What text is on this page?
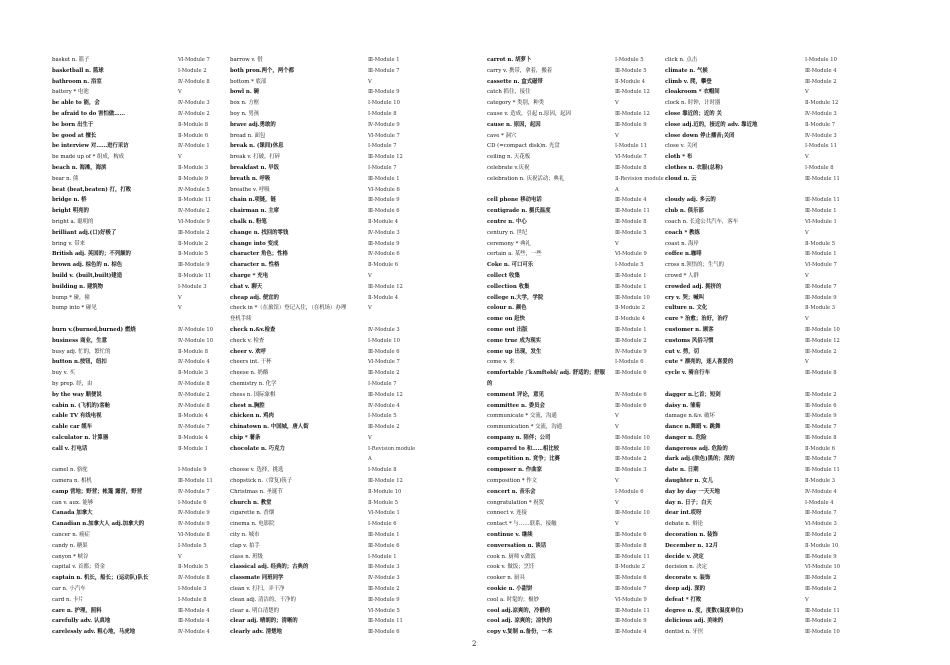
basket n. 篮子
basketball n. 篮球
bathroom n. 浴室
battery * 电池
be able to 能，会
be afraid to do 害怕做……
be born 出生于
be good at 擅长
be interview 对……进行采访
be made up of * 组成，构成
beach n. 海滩，海滨
bear n. 熊
beat (beat,beaten) 打，打败
bridge n. 桥
bright 明亮的
bright a. 聪明的
brilliant adj.(口)好极了
bring v. 带来
British adj. 英国的；不列颠的
brown adj. 棕色的 n. 棕色
build v. (built,built)建造
building n. 建筑物
bump * 碰，撞
bump into * 碰见
burn v.(burned,burned) 燃烧
business 商业，生意
busy adj. 忙的，繁忙的
button n.按钮，纽扣
buy v. 买
by prep. 经，由
by the way 顺便说
cabin n. (飞机的)客舱
cable TV 有线电视
cable car 缆车
calculator n. 计算器
call v. 打电话
camel n. 骆驼
camera n. 相机
camp 营地；野营；帐篷 露营，野营
can v. aux. 能够
Canada 加拿大
Canadian n.加拿大人 adj.加拿大的
cancer n. 癌症
candy n. 糖果
canyon * 峡谷
capital v. 首都；资金
captain n. 机长，船长；(运动队)队长
car n. 小汽车
card n. 卡片
care n. 护理，照料
carefully adv. 认真地
carelessly adv. 粗心地，马虎地
Ⅵ-Module 7
Ⅰ-Module 2
Ⅳ-Module 8
Ⅴ
Ⅳ-Module 3
Ⅳ-Module 2
Ⅱ-Module 8
Ⅱ-Module 6
Ⅳ-Module 1
Ⅴ
Ⅱ-Module 3
Ⅱ-Module 9
Ⅳ-Module 5
Ⅱ-Module 11
Ⅳ-Module 2
Ⅵ-Module 9
Ⅲ-Module 2
Ⅱ-Module 2
Ⅱ-Module 5
Ⅲ-Module 9
Ⅱ-Module 11
Ⅰ-Module 3
Ⅴ
Ⅴ
Ⅳ-Module 10
Ⅳ-Module 10
Ⅱ-Module 8
Ⅳ-Module 4
Ⅱ-Module 3
Ⅳ-Module 8
Ⅳ-Module 2
Ⅳ-Module 8
Ⅱ-Module 4
Ⅳ-Module 7
Ⅱ-Module 4
Ⅱ-Module 1
Ⅰ-Module 9
Ⅲ-Module 11
Ⅳ-Module 7
Ⅰ-Module 6
Ⅳ-Module 9
Ⅳ-Module 9
Ⅵ-Module 8
Ⅰ-Module 5
Ⅴ
Ⅱ-Module 5
Ⅳ-Module 8
Ⅰ-Module 3
Ⅰ-Module 8
Ⅲ-Module 4
Ⅲ-Module 4
Ⅳ-Module 4
barrow v. 借
both pron.两个，两个都
bottom * 底部
bowl n. 碗
box n. 方框
boy n. 男孩
brave adj.勇敢的
bread n. 面包
break n. (课间)休息
break v. 打破，打碎
breakfast n. 早饭
breath n. 呼吸
breathe v. 呼吸
chain n.项链，链
chairman n. 主席
chalk n. 粉笔
change n. 找回的零钱
change into 变成
character 角色；性格
character n. 性格
charge * 充电
chat v. 聊天
cheap adj. 便宜的
check in *（在旅馆）登记入住，（在机场）办理登机手续
check n.&v.检查
check v. 检查
cheer v. 欢呼
cheers int. 干杯
cheese n. 奶酪
chemistry n. 化学
chess n. 国际象棋
chest n.胸腔
chicken n. 鸡肉
chinatown n. 中国城，唐人街
chip * 薯条
chocolate n. 巧克力
choose v. 选择，挑选
chopstick n.（常复)筷子
Christmas n. 圣诞节
church n. 教堂
cigarette n. 香烟
cinema n. 电影院
city n. 城市
clap v. 拍手
class n. 班级
classical adj. 经典的；古典的
classmate 同班同学
clean v. 打扫，弄干净
clean adj. 清洁的，干净的
clear a. 明白清楚的
clear adj. 晴朗的；清晰的
clearly adv. 清楚地
Ⅲ-Module 1
Ⅲ-Module 7
Ⅴ
Ⅲ-Module 9
Ⅰ-Module 10
Ⅰ-Module 8
Ⅳ-Module 9
Ⅵ-Module 7
Ⅰ-Module 7
Ⅲ-Module 12
Ⅰ-Module 7
Ⅲ-Module 1
Ⅵ-Module 6
Ⅲ-Module 9
Ⅲ-Module 6
Ⅱ-Module 4
Ⅳ-Module 3
Ⅲ-Module 9
Ⅳ-Module 6
Ⅱ-Module 6
Ⅴ
Ⅲ-Module 12
Ⅱ-Module 4
Ⅴ
Ⅳ-Module 3
Ⅰ-Module 10
Ⅲ-Module 6
Ⅵ-Module 7
Ⅲ-Module 2
Ⅰ-Module 7
Ⅲ-Module 12
Ⅳ-Module 4
Ⅰ-Module 5
Ⅲ-Module 2
Ⅴ
Ⅰ-Revision module A
Ⅰ-Module 8
Ⅲ-Module 12
Ⅱ-Module 10
Ⅱ-Module 5
Ⅵ-Module 1
Ⅰ-Module 6
Ⅲ-Module 1
Ⅲ-Module 6
Ⅰ-Module 1
Ⅲ-Module 3
Ⅳ-Module 3
Ⅲ-Module 2
Ⅲ-Module 9
Ⅵ-Module 5
Ⅲ-Module 11
Ⅲ-Module 6
carrot n. 胡萝卜
carry v. 携带，拿着，搬着
cassette n. 盒式磁带
catch 抓住，接住
category * 类别，种类
cause v. 造成，引起 n.原因，起因
cause n. 原因，起因
cave * 洞穴
CD (=compact disk)n. 光盘
ceiling n. 天花板
celebrate v.庆祝
celebration n. 庆祝活动；典礼
cell phone 移动电话
centigrade n. 摄氏温度
centre n. 中心
century n. 世纪
ceremony * 典礼
certain a. 某些，一些
Coke n. 可口可乐
collect 收集
collection 收集
college n.大学，学院
colour n. 颜色
come on 赶快
come out 出版
come true 成为现实
come up 出现，发生
come v. 来
comfortable /ˈkʌmftəbl/ adj. 舒适的；舒服的
comment 评论，意见
committee n. 委员会
communicate * 交流，沟通
communication * 交流，沟通
company n. 陪伴；公司
compared to 和……相比较
competition n. 竞争；比赛
composer n. 作曲家
composition * 作文
concert n. 音乐会
congratulation * 祝贺
connect v. 连接
contact * 与……联系，接触
continue v. 继续
conversation n. 谈话
cook n. 厨师 v.做饭
cook v. 做饭；烹饪
cooker n. 厨具
cookie n. 小甜饼
cool a. 时髦的；极妙
cool adj.凉爽的，冷静的
cool adj. 凉爽的；凉快的
copy v.复制 n.备份，一本
Ⅰ-Module 5
Ⅲ-Module 5
Ⅱ-Module 4
Ⅲ-Module 12
Ⅴ
Ⅲ-Module 12
Ⅲ-Module 9
Ⅴ
Ⅰ-Module 11
Ⅵ-Module 7
Ⅲ-Module 8
Ⅱ-Revision module A
Ⅲ-Module 4
Ⅲ-Module 11
Ⅲ-Module 8
Ⅲ-Module 5
Ⅴ
Ⅵ-Module 9
Ⅰ-Module 5
Ⅲ-Module 1
Ⅲ-Module 1
Ⅲ-Module 10
Ⅱ-Module 2
Ⅱ-Module 4
Ⅲ-Module 1
Ⅲ-Module 2
Ⅳ-Module 9
Ⅰ-Module 6
Ⅲ-Module 6
Ⅳ-Module 6
Ⅲ-Module 6
Ⅴ
Ⅴ
Ⅲ-Module 10
Ⅲ-Module 10
Ⅲ-Module 2
Ⅲ-Module 3
Ⅴ
Ⅰ-Module 6
Ⅴ
Ⅲ-Module 10
Ⅴ
Ⅲ-Module 6
Ⅲ-Module 8
Ⅲ-Module 11
Ⅱ-Module 2
Ⅲ-Module 6
Ⅲ-Module 7
Ⅵ-Module 9
Ⅲ-Module 11
Ⅲ-Module 9
Ⅲ-Module 4
click n. 点击
climate n. 气候
climb v. 爬，攀登
cloakroom * 衣帽间
clock n. 时钟，计时器
close 靠近的；近的 关
close adj.近的，接近的 adv. 靠近地
close down 停止播音;关闭
close v. 关闭
cloth * 布
clothes n. 衣服(总称)
cloud n. 云
cloudy adj. 多云的
club n. 俱乐部
coach n. 长途公共汽车，客车
coach * 教练
coast n. 海岸
coffee n.咖啡
cross n.领悟的；生气的
crowd * 人群
crowded adj. 拥挤的
cry v. 哭；喊叫
culture n. 文化
cure * 治愈；治好，治疗
customer n. 顾客
customs 风俗习惯
cut v. 剪，切
cute * 漂亮的，迷人喜爱的
cycle v. 骑自行车
dagger n.匕首；短剑
daisy n. 雏菊
damage n.&v. 破坏
dance n.舞蹈 v. 跳舞
danger n. 危险
dangerous adj. 危险的
dark adj.(肤色)黑的；深的
date n. 日期
daughter n. 女儿
day by day 一天天地
day n. 日子；白天
dear int.哎呀
debate n. 辩论
decoration n. 装饰
December n. 12月
decide v. 决定
decision n. 决定
decorate v. 装饰
deep adj. 深的
defeat * 打败
degree n. 度，度数(温度单位)
delicious adj. 美味的
dentist n. 牙医
Ⅰ-Module 10
Ⅲ-Module 4
Ⅲ-Module 2
Ⅴ
Ⅱ-Module 12
Ⅳ-Module 3
Ⅱ-Module 7
Ⅳ-Module 3
Ⅰ-Module 11
Ⅴ
Ⅰ-Module 8
Ⅲ-Module 11
Ⅲ-Module 11
Ⅲ-Module 1
Ⅵ-Module 1
Ⅴ
Ⅱ-Module 5
Ⅲ-Module 1
Ⅵ-Module 7
Ⅴ
Ⅲ-Module 7
Ⅲ-Module 9
Ⅱ-Module 3
Ⅴ
Ⅲ-Module 10
Ⅲ-Module 12
Ⅲ-Module 2
Ⅴ
Ⅲ-Module 8
Ⅲ-Module 2
Ⅲ-Module 6
Ⅲ-Module 9
Ⅲ-Module 7
Ⅲ-Module 8
Ⅱ-Module 6
Ⅲ-Module 7
Ⅲ-Module 11
Ⅱ-Module 3
Ⅳ-Module 4
Ⅰ-Module 4
Ⅲ-Module 7
Ⅵ-Module 3
Ⅲ-Module 2
Ⅱ-Module 10
Ⅲ-Module 9
Ⅵ-Module 10
Ⅲ-Module 2
Ⅲ-Module 2
Ⅴ
Ⅲ-Module 11
Ⅲ-Module 2
Ⅲ-Module 10
2
